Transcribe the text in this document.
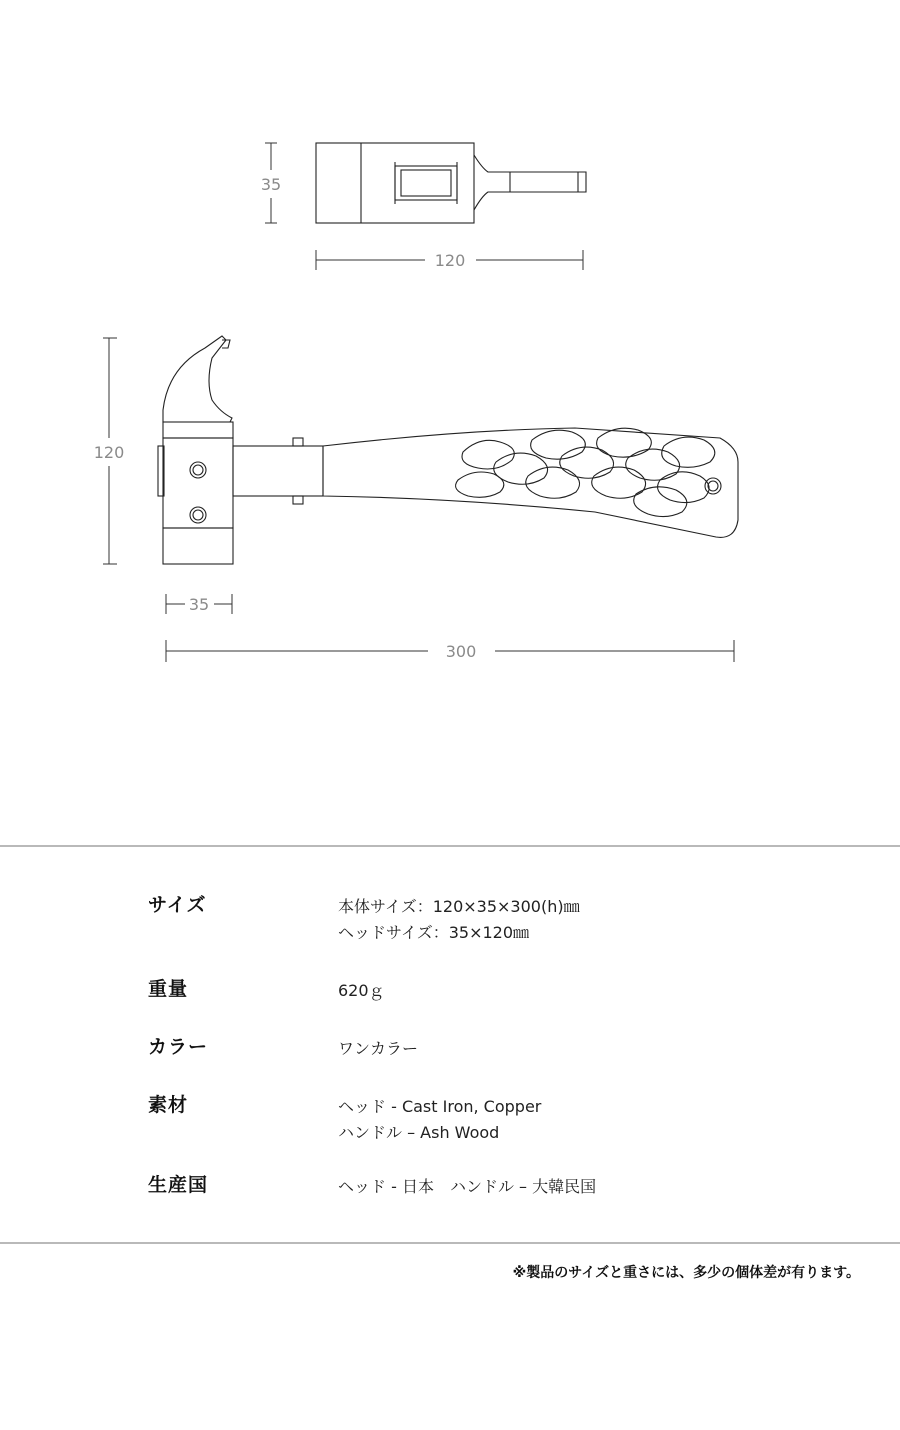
35
120
120
35
300
サイズ	本体サイズ：120×35×300(h)㎜
ヘッドサイズ：35×120㎜
重量	620ｇ
カラー	ワンカラー
素材	ヘッド - Cast Iron, Copper
ハンドル – Ash Wood
生産国	ヘッド - 日本　ハンドル – 大韓民国
※製品のサイズと重さには、多少の個体差が有ります。
